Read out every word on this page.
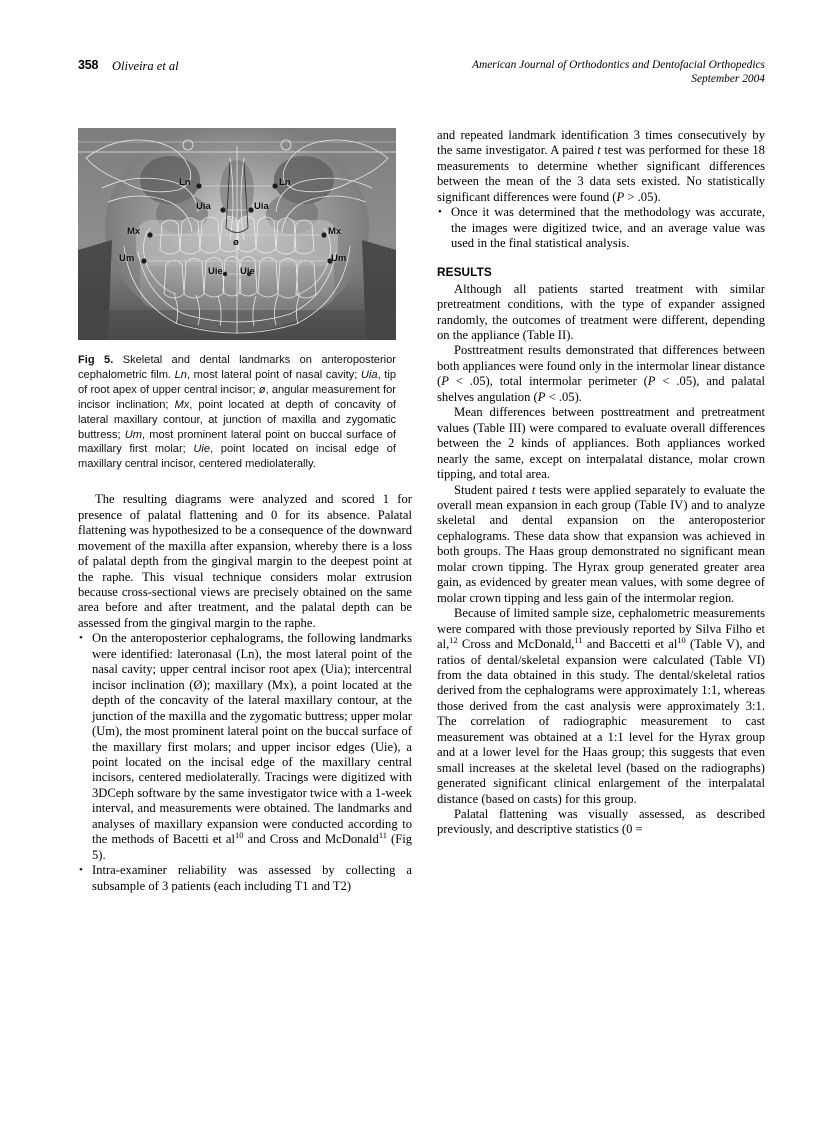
358 Oliveira et al	American Journal of Orthodontics and Dentofacial Orthopedics
September 2004
Ln	Ln
Uia	Uia
Mx	Mx
ø
Um	Um
Uie Uie
Fig 5. Skeletal and dental landmarks on anteroposterior cephalometric film. Ln, most lateral point of nasal cavity; Uia, tip of root apex of upper central incisor; ø, angular measurement for incisor inclination; Mx, point located at depth of concavity of lateral maxillary contour, at junction of maxilla and zygomatic buttress; Um, most prominent lateral point on buccal surface of maxillary first molar; Uie, point located on incisal edge of maxillary central incisor, centered mediolaterally.

The resulting diagrams were analyzed and scored 1 for presence of palatal flattening and 0 for its absence. Palatal flattening was hypothesized to be a consequence of the downward movement of the maxilla after expansion, whereby there is a loss of palatal depth from the gingival margin to the deepest point at the raphe. This visual technique considers molar extrusion because cross-sectional views are precisely obtained on the same area before and after treatment, and the palatal depth can be assessed from the gingival margin to the raphe.

• On the anteroposterior cephalograms, the following landmarks were identified: lateronasal (Ln), the most lateral point of the nasal cavity; upper central incisor root apex (Uia); intercentral incisor inclination (Ø); maxillary (Mx), a point located at the depth of the concavity of the lateral maxillary contour, at the junction of the maxilla and the zygomatic buttress; upper molar (Um), the most prominent lateral point on the buccal surface of the maxillary first molars; and upper incisor edges (Uie), a point located on the incisal edge of the maxillary central incisors, centered mediolaterally. Tracings were digitized with 3DCeph software by the same investigator twice with a 1-week interval, and measurements were obtained. The landmarks and analyses of maxillary expansion were conducted according to the methods of Bacetti et $al^{10}$ and Cross and McDonald$^{11}$ (Fig 5).

• Intra-examiner reliability was assessed by collecting a subsample of 3 patients (each including T1 and T2)

and repeated landmark identification 3 times consecutively by the same investigator. A paired t test was performed for these 18 measurements to determine whether significant differences between the mean of the 3 data sets existed. No statistically significant differences were found (P > .05).

• Once it was determined that the methodology was accurate, the images were digitized twice, and an average value was used in the final statistical analysis.

RESULTS

Although all patients started treatment with similar pretreatment conditions, with the type of expander assigned randomly, the outcomes of treatment were different, depending on the appliance (Table II).

Posttreatment results demonstrated that differences between both appliances were found only in the intermolar linear distance (P < .05), total intermolar perimeter (P < .05), and palatal shelves angulation (P < .05).

Mean differences between posttreatment and pretreatment values (Table III) were compared to evaluate overall differences between the 2 kinds of appliances. Both appliances worked nearly the same, except on interpalatal distance, molar crown tipping, and total area.

Student paired t tests were applied separately to evaluate the overall mean expansion in each group (Table IV) and to analyze skeletal and dental expansion on the anteroposterior cephalograms. These data show that expansion was achieved in both groups. The Haas group demonstrated no significant mean molar crown tipping. The Hyrax group generated greater area gain, as evidenced by greater mean values, with some degree of molar crown tipping and less gain of the intermolar region.

Because of limited sample size, cephalometric measurements were compared with those previously reported by Silva Filho et al,$^{12}$ Cross and McDonald,$^{11}$ and Baccetti et $al^{10}$ (Table V), and ratios of dental/skeletal expansion were calculated (Table VI) from the data obtained in this study. The dental/skeletal ratios derived from the cephalograms were approximately 1:1, whereas those derived from the cast analysis were approximately 3:1. The correlation of radiographic measurement to cast measurement was obtained at a 1:1 level for the Hyrax group and at a lower level for the Haas group; this suggests that even small increases at the skeletal level (based on the radiographs) generated significant clinical enlargement of the interpalatal distance (based on casts) for this group.

Palatal flattening was visually assessed, as described previously, and descriptive statistics (0 =
